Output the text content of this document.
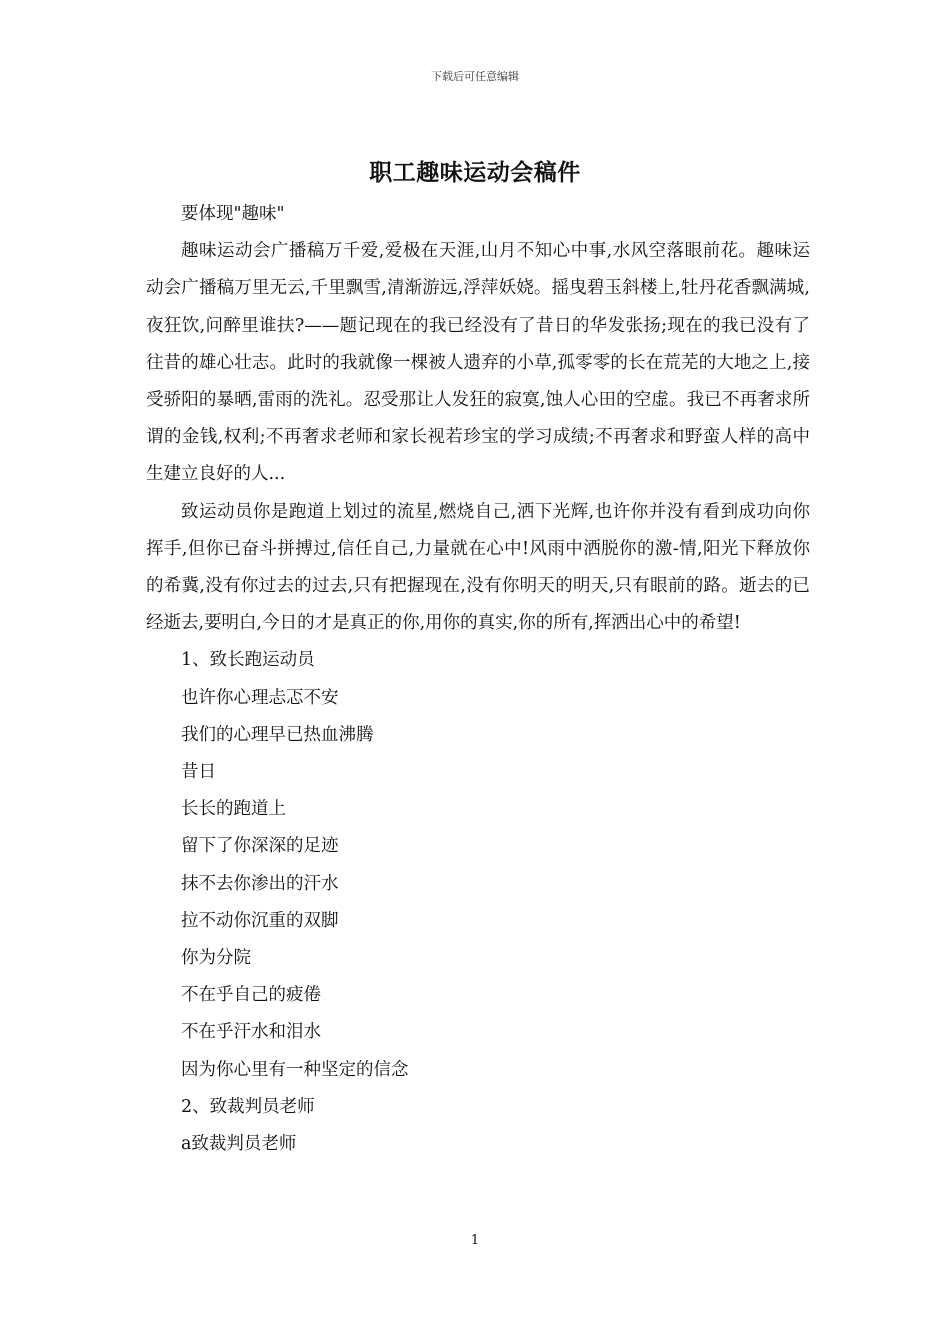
下载后可任意编辑
职工趣味运动会稿件

要体现"趣味"

趣味运动会广播稿万千爱,爱极在天涯,山月不知心中事,水风空落眼前花。趣味运动会广播稿万里无云,千里飘雪,清渐游远,浮萍妖娆。摇曳碧玉斜楼上,牡丹花香飘满城,夜狂饮,问醉里谁扶?——题记现在的我已经没有了昔日的华发张扬;现在的我已没有了往昔的雄心壮志。此时的我就像一棵被人遗弃的小草,孤零零的长在荒芜的大地之上,接受骄阳的暴晒,雷雨的洗礼。忍受那让人发狂的寂寞,蚀人心田的空虚。我已不再奢求所谓的金钱,权利;不再奢求老师和家长视若珍宝的学习成绩;不再奢求和野蛮人样的高中生建立良好的人...

致运动员你是跑道上划过的流星,燃烧自己,洒下光辉,也许你并没有看到成功向你挥手,但你已奋斗拼搏过,信任自己,力量就在心中!风雨中洒脱你的激-情,阳光下释放你的希冀,没有你过去的过去,只有把握现在,没有你明天的明天,只有眼前的路。逝去的已经逝去,要明白,今日的才是真正的你,用你的真实,你的所有,挥洒出心中的希望!

1、致长跑运动员

也许你心理忐忑不安

我们的心理早已热血沸腾

昔日

长长的跑道上

留下了你深深的足迹

抹不去你渗出的汗水

拉不动你沉重的双脚

你为分院

不在乎自己的疲倦

不在乎汗水和泪水

因为你心里有一种坚定的信念

2、致裁判员老师

a致裁判员老师

1
